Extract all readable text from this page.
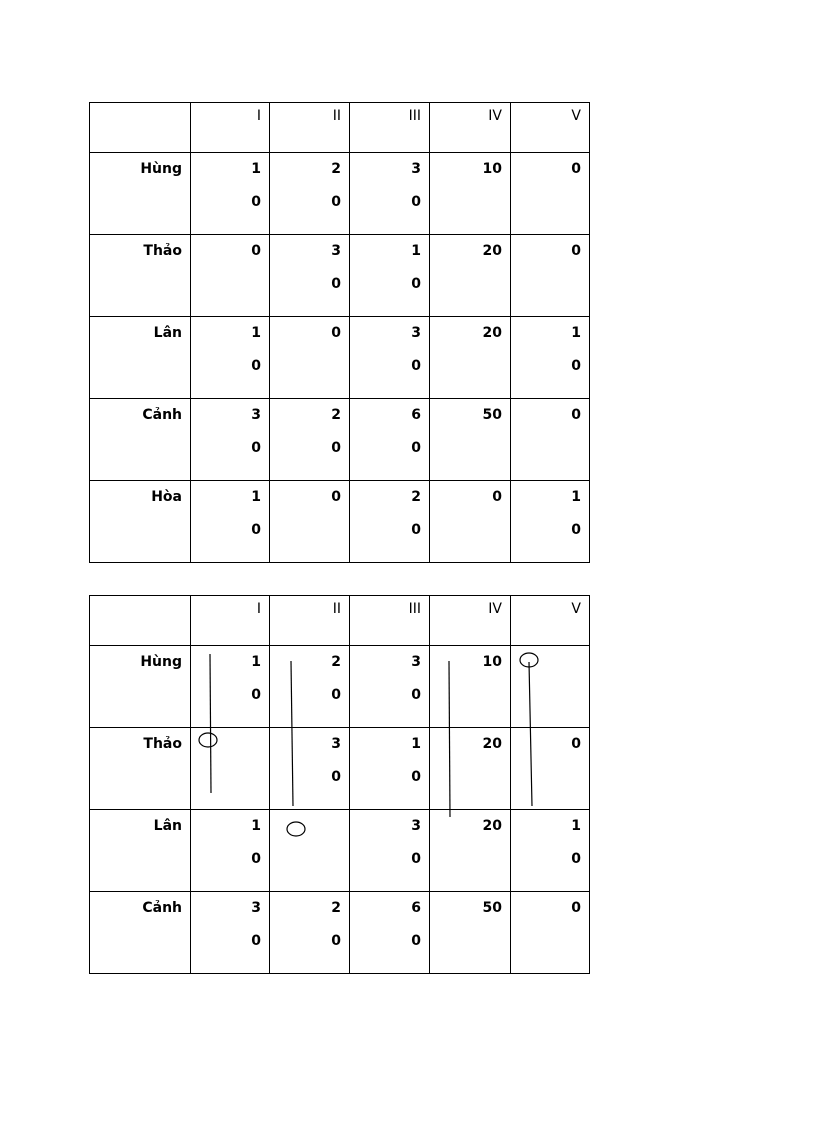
	I	II	III	IV	V

Hùng	1
0	2
0	3
0	10	0

Thảo	0	3
0	1
0	20	0

Lân	1
0	0	3
0	20	1
0

Cảnh	3
0	2
0	6
0	50	0

Hòa	1
0	0	2
0	0	1
0

	I	II	III	IV	V

Hùng	1
0	2
0	3
0	10	

Thảo		3
0	1
0	20	0

Lân	1
0		3
0	20	1
0

Cảnh	3
0	2
0	6
0	50	0
